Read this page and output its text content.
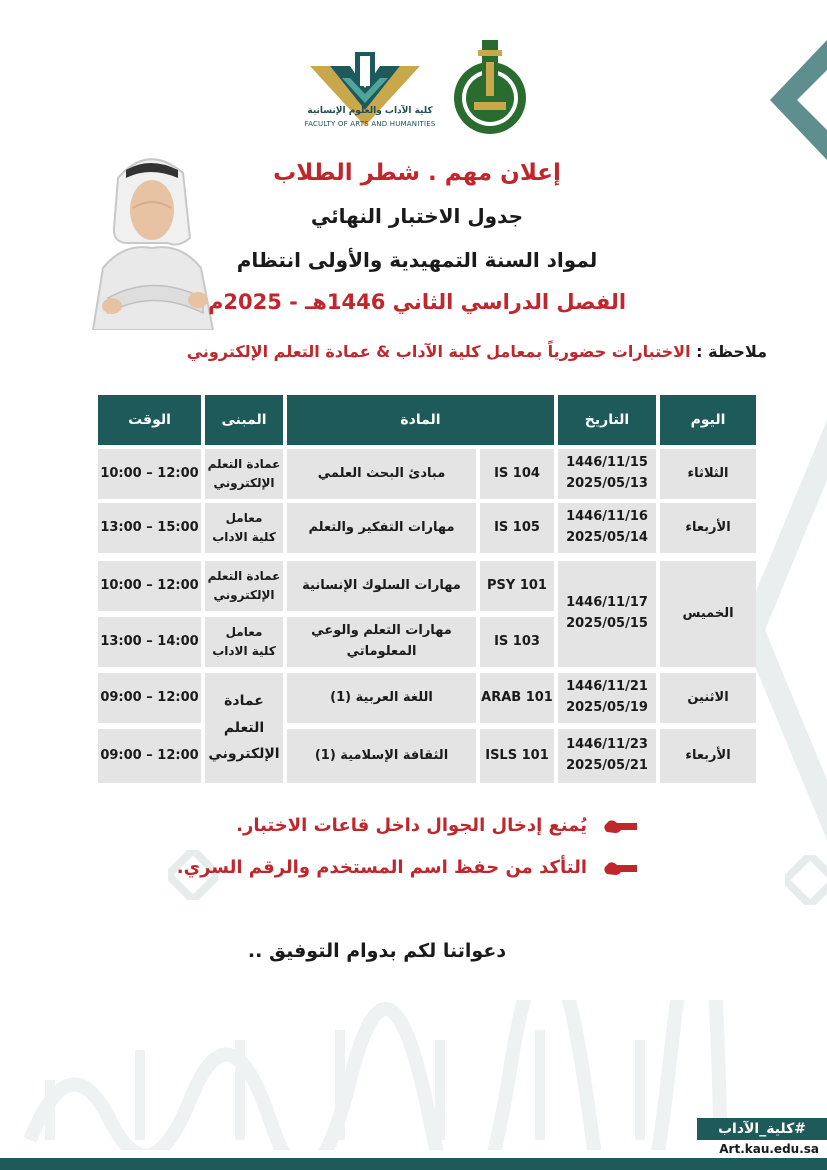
كلية الآداب والعلوم الإنسانية
FACULTY OF ARTS AND HUMANITIES
إعلان مهم . شطر الطلاب
جدول الاختبار النهائي
لمواد السنة التمهيدية والأولى انتظام
الفصل الدراسي الثاني 1446هـ - 2025م
ملاحظة : الاختبارات حضورياً بمعامل كلية الآداب & عمادة التعلم الإلكتروني
اليوم
التاريخ
المادة
المبنى
الوقت
الثلاثاء
1446/11/15
2025/05/13
IS 104
مبادئ البحث العلمي
عمادة التعلم
الإلكتروني
10:00 – 12:00
الأربعاء
1446/11/16
2025/05/14
IS 105
مهارات التفكير والتعلم
معامل
كلية الاداب
13:00 – 15:00
الخميس
1446/11/17
2025/05/15
PSY 101
مهارات السلوك الإنسانية
عمادة التعلم
الإلكتروني
10:00 – 12:00
IS 103
مهارات التعلم والوعي المعلوماتي
معامل
كلية الاداب
13:00 – 14:00
الاثنين
1446/11/21
2025/05/19
ARAB 101
اللغة العربية (1)
09:00 – 12:00 عمادة
التعلم
الإلكتروني	الأربعاء
1446/11/23
2025/05/21
ISLS 101
الثقافة الإسلامية (1)
09:00 – 12:00
يُمنع إدخال الجوال داخل قاعات الاختبار.
التأكد من حفظ اسم المستخدم والرقم السري.
دعواتنا لكم بدوام التوفيق ..
#كلية_الآداب
Art.kau.edu.sa
